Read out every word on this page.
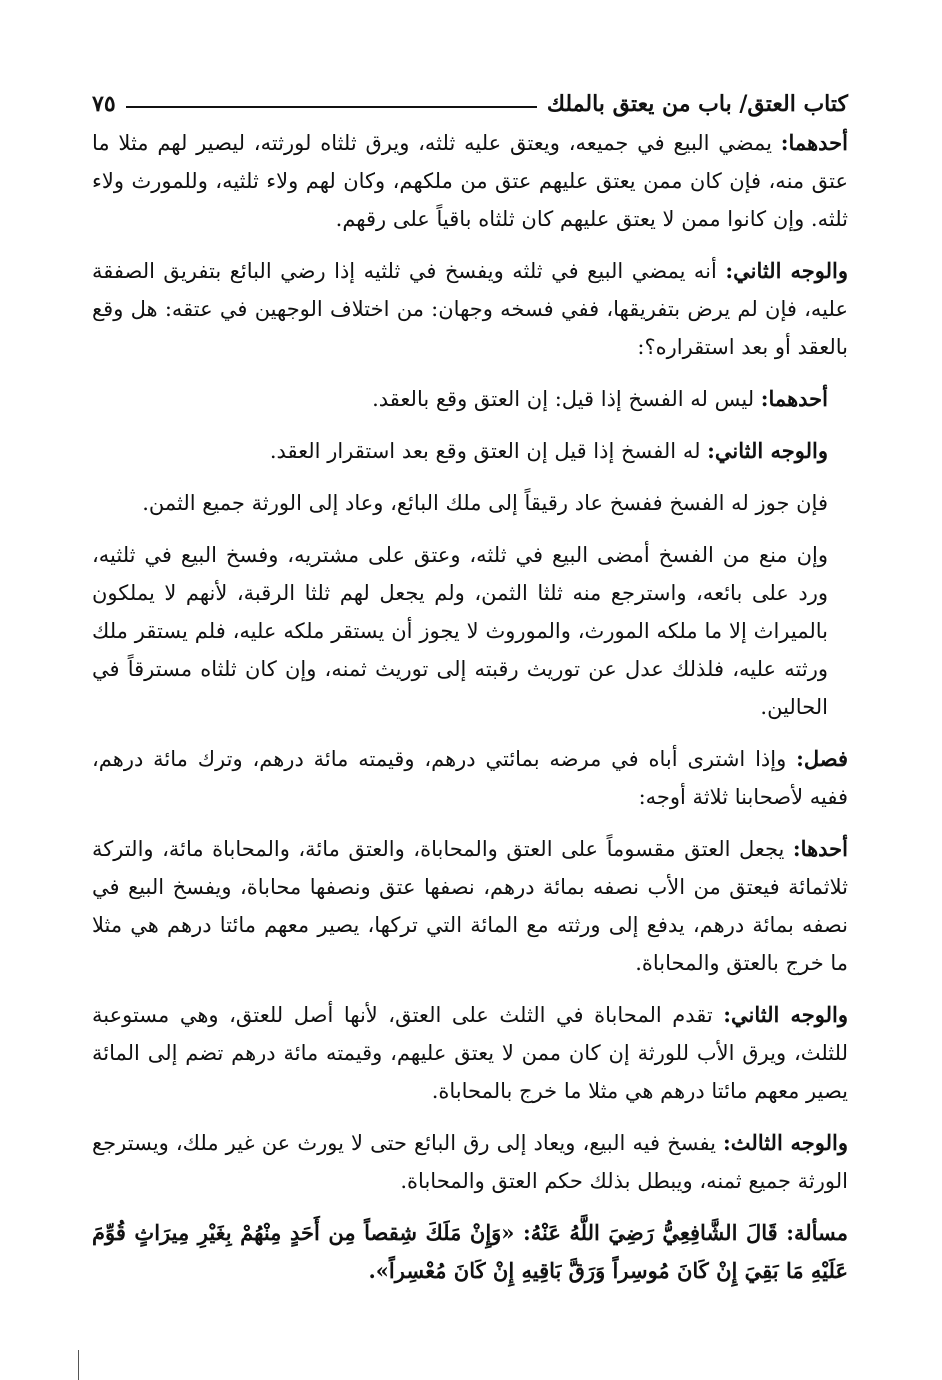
كتاب العتق/ باب من يعتق بالملك
٧٥

أحدهما: يمضي البيع في جميعه، ويعتق عليه ثلثه، ويرق ثلثاه لورثته، ليصير لهم مثلا ما عتق منه، فإن كان ممن يعتق عليهم عتق من ملكهم، وكان لهم ولاء ثلثيه، وللمورث ولاء ثلثه. وإن كانوا ممن لا يعتق عليهم كان ثلثاه باقياً على رقهم.

والوجه الثاني: أنه يمضي البيع في ثلثه ويفسخ في ثلثيه إذا رضي البائع بتفريق الصفقة عليه، فإن لم يرض بتفريقها، ففي فسخه وجهان: من اختلاف الوجهين في عتقه: هل وقع بالعقد أو بعد استقراره؟:

أحدهما: ليس له الفسخ إذا قيل: إن العتق وقع بالعقد.

والوجه الثاني: له الفسخ إذا قيل إن العتق وقع بعد استقرار العقد.

فإن جوز له الفسخ ففسخ عاد رقيقاً إلى ملك البائع، وعاد إلى الورثة جميع الثمن.

وإن منع من الفسخ أمضى البيع في ثلثه، وعتق على مشتريه، وفسخ البيع في ثلثيه، ورد على بائعه، واسترجع منه ثلثا الثمن، ولم يجعل لهم ثلثا الرقبة، لأنهم لا يملكون بالميراث إلا ما ملكه المورث، والموروث لا يجوز أن يستقر ملكه عليه، فلم يستقر ملك ورثته عليه، فلذلك عدل عن توريث رقبته إلى توريث ثمنه، وإن كان ثلثاه مسترقاً في الحالين.

فصل: وإذا اشترى أباه في مرضه بمائتي درهم، وقيمته مائة درهم، وترك مائة درهم، ففيه لأصحابنا ثلاثة أوجه:

أحدها: يجعل العتق مقسوماً على العتق والمحاباة، والعتق مائة، والمحاباة مائة، والتركة ثلاثمائة فيعتق من الأب نصفه بمائة درهم، نصفها عتق ونصفها محاباة، ويفسخ البيع في نصفه بمائة درهم، يدفع إلى ورثته مع المائة التي تركها، يصير معهم مائتا درهم هي مثلا ما خرج بالعتق والمحاباة.

والوجه الثاني: تقدم المحاباة في الثلث على العتق، لأنها أصل للعتق، وهي مستوعبة للثلث، ويرق الأب للورثة إن كان ممن لا يعتق عليهم، وقيمته مائة درهم تضم إلى المائة يصير معهم مائتا درهم هي مثلا ما خرج بالمحاباة.

والوجه الثالث: يفسخ فيه البيع، ويعاد إلى رق البائع حتى لا يورث عن غير ملك، ويسترجع الورثة جميع ثمنه، ويبطل بذلك حكم العتق والمحاباة.

مسألة: قَالَ الشَّافِعِيُّ رَضِيَ اللَّهُ عَنْهُ: «وَإِنْ مَلَكَ شِقصاً مِن أَحَدٍ مِنْهُمْ بِغَيْرِ مِيرَاثٍ قُوِّمَ عَلَيْهِ مَا بَقِيَ إِنْ كَانَ مُوسِراً وَرَقَّ بَاقِيهِ إِنْ كَانَ مُعْسِراً».
